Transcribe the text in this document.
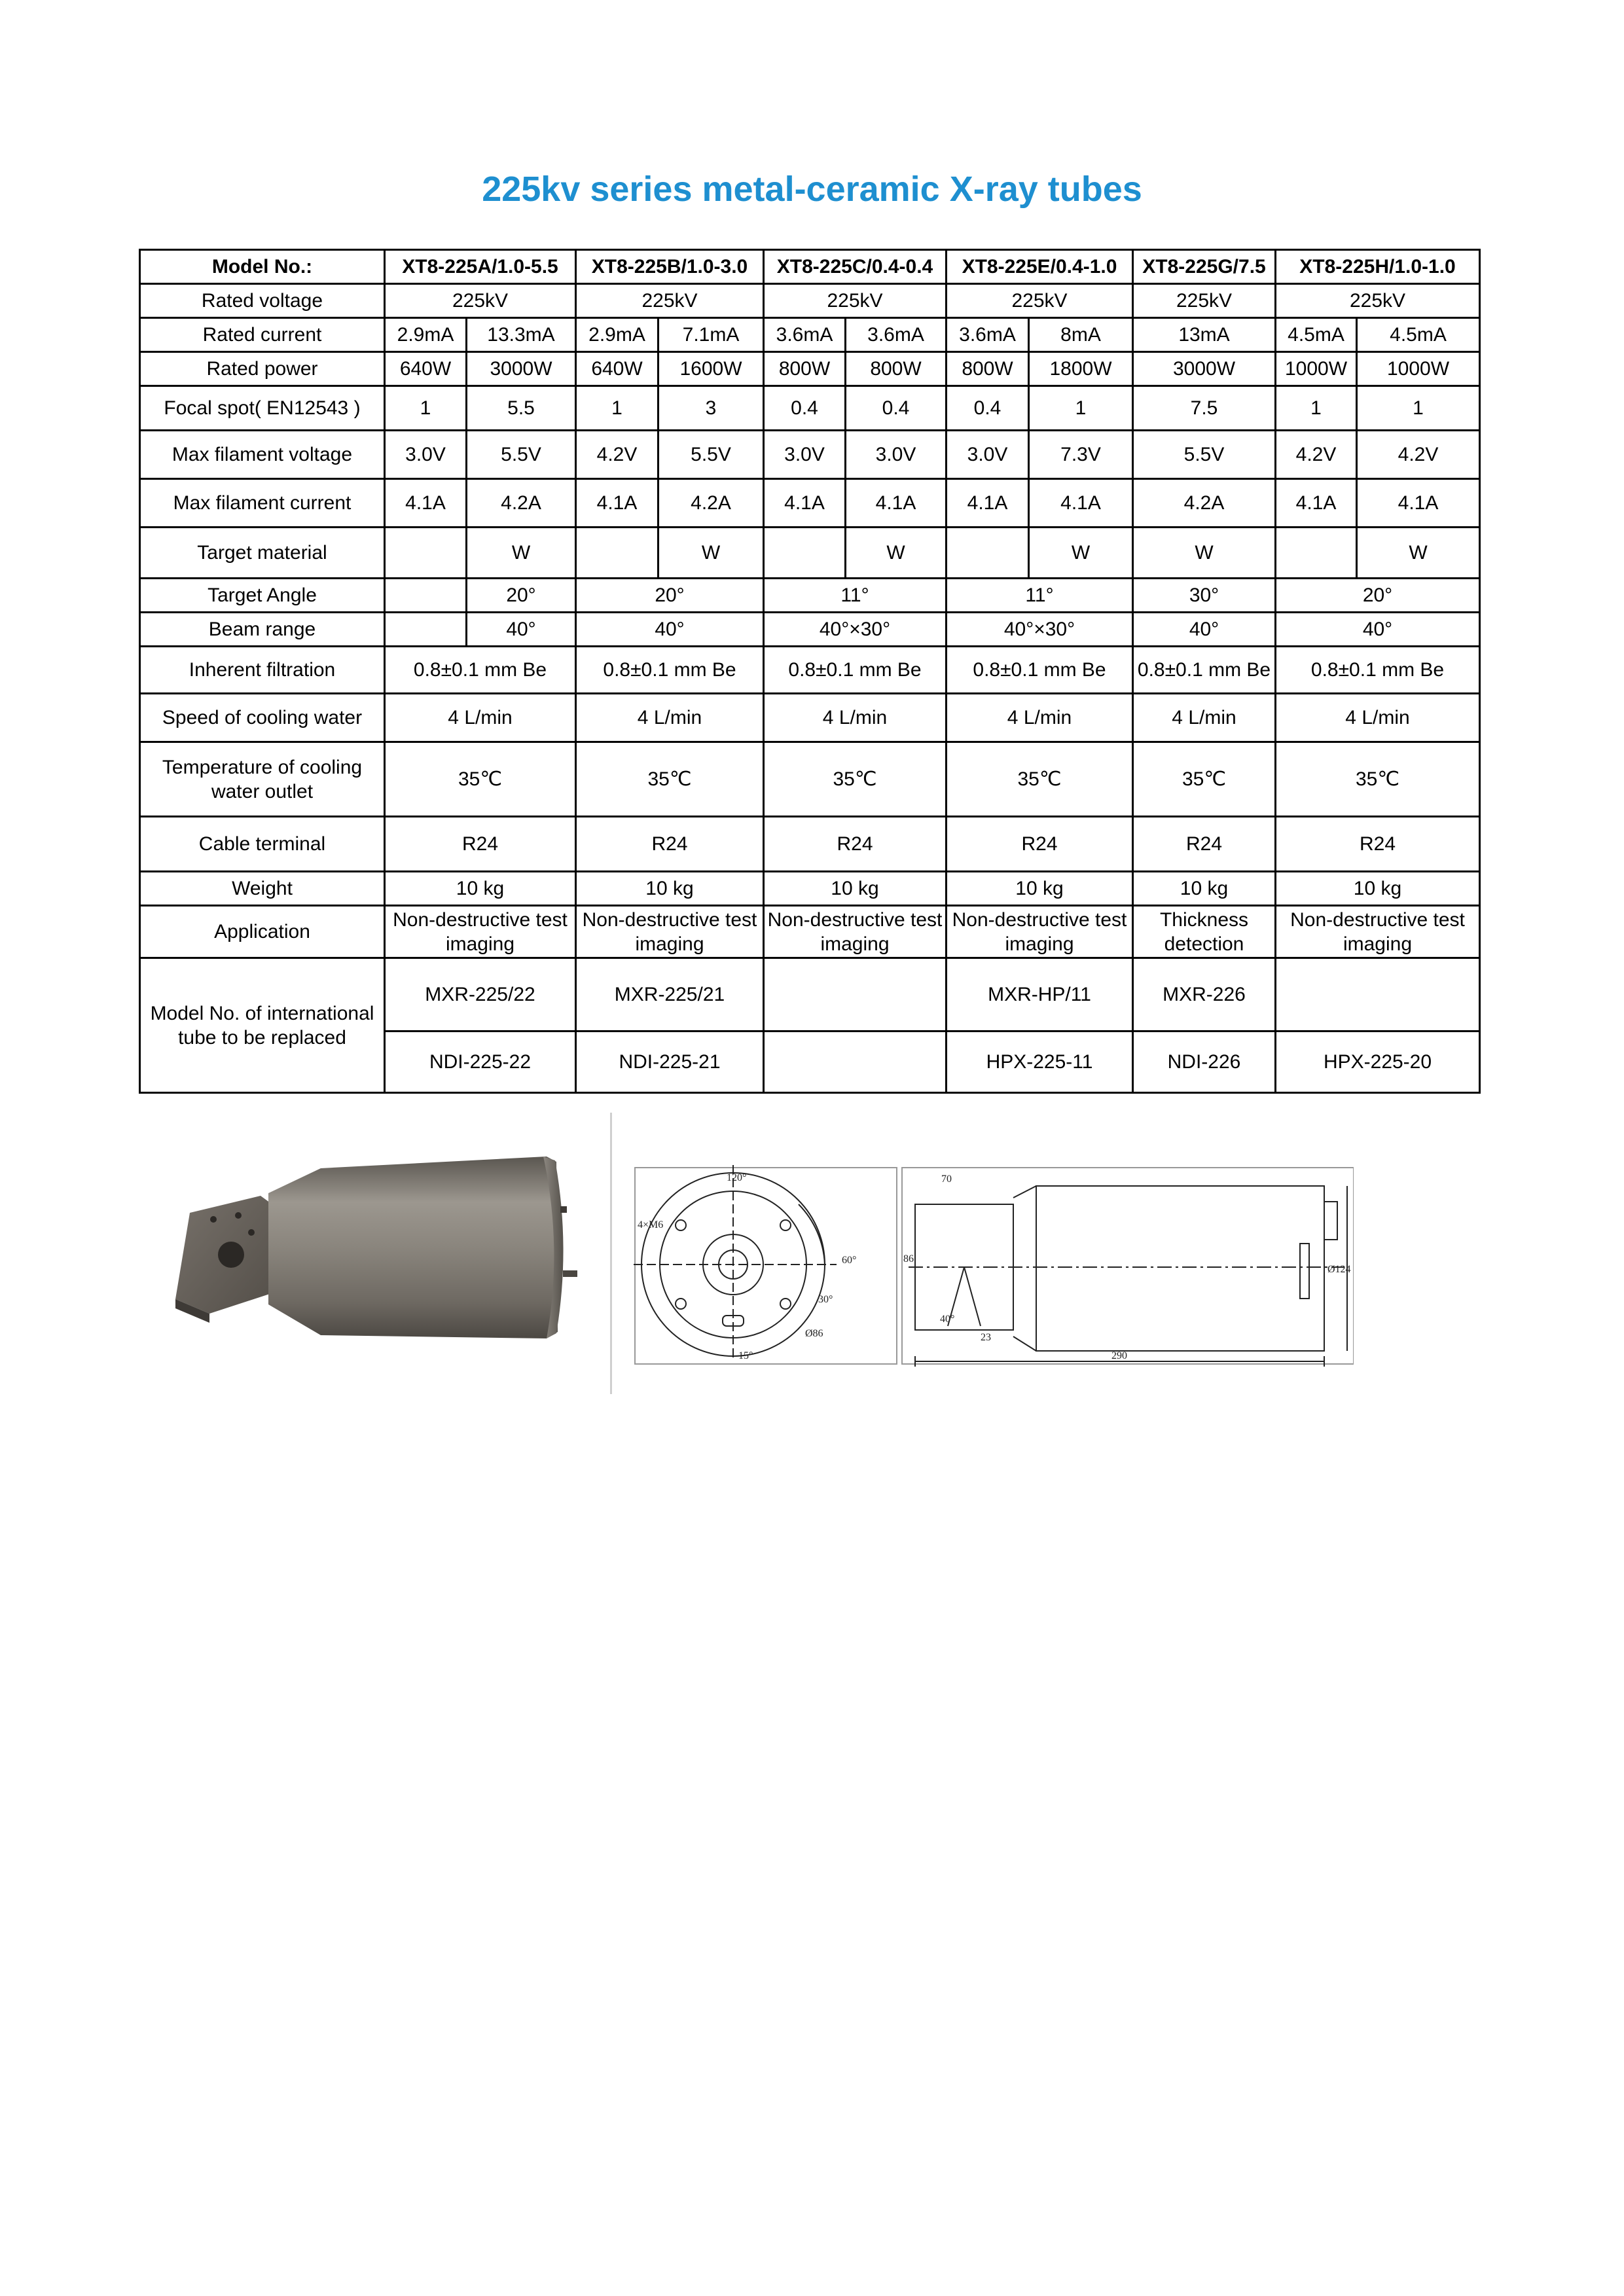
225kv series metal-ceramic X-ray tubes
Model No.:	XT8-225A/1.0-5.5		XT8-225B/1.0-3.0		XT8-225C/0.4-0.4		XT8-225E/0.4-1.0		XT8-225G/7.5	XT8-225H/1.0-1.0	
Rated voltage	225kV		225kV		225kV		225kV		225kV	225kV	
Rated current	2.9mA	13.3mA	2.9mA	7.1mA	3.6mA	3.6mA	3.6mA	8mA	13mA	4.5mA	4.5mA
Rated power	640W	3000W	640W	1600W	800W	800W	800W	1800W	3000W	1000W	1000W
Focal spot( EN12543 )	1	5.5	1	3	0.4	0.4	0.4	1	7.5	1	1
Max filament voltage	3.0V	5.5V	4.2V	5.5V	3.0V	3.0V	3.0V	7.3V	5.5V	4.2V	4.2V
Max filament current	4.1A	4.2A	4.1A	4.2A	4.1A	4.1A	4.1A	4.1A	4.2A	4.1A	4.1A
Target material		W		W		W		W	W		W
Target Angle		20°	20°		11°		11°		30°	20°	
Beam range		40°	40°		40°×30°		40°×30°		40°	40°	
Inherent filtration	0.8±0.1 mm Be		0.8±0.1 mm Be		0.8±0.1 mm Be		0.8±0.1 mm Be		0.8±0.1 mm Be	0.8±0.1 mm Be	
Speed of cooling water	4 L/min		4 L/min		4 L/min		4 L/min		4 L/min	4 L/min	
Temperature of cooling water outlet	35℃		35℃		35℃		35℃		35℃	35℃	
Cable terminal	R24		R24		R24		R24		R24	R24	
Weight	10 kg		10 kg		10 kg		10 kg		10 kg	10 kg	
Application	Non-destructive test imaging		Non-destructive test imaging		Non-destructive test imaging		Non-destructive test imaging		Thickness detection	Non-destructive test imaging	
Model No. of international tube to be replaced	MXR-225/22		MXR-225/21				MXR-HP/11		MXR-226		
	NDI-225-22		NDI-225-21				HPX-225-11		NDI-226	HPX-225-20	
120°
4×M6
60°
30°
Ø86
15°
70
86
40°
23
290
Ø124
